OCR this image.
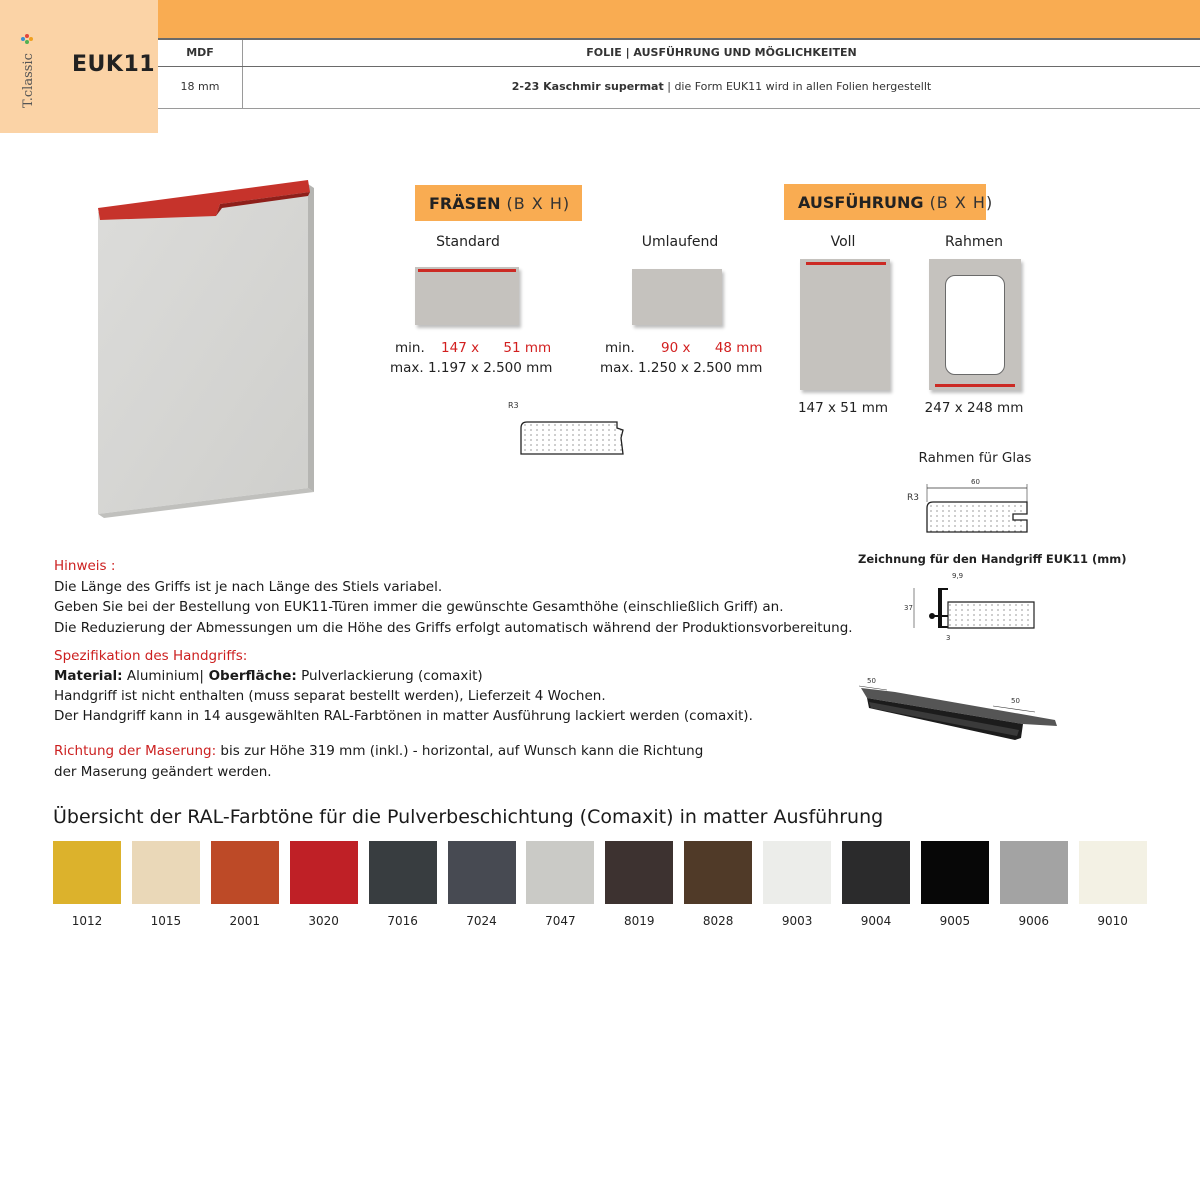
T.classic EUK11	MDF	FOLIE | AUSFÜHRUNG UND MÖGLICHKEITEN
18 mm	2-23 Kaschmir supermat | die Form EUK11 wird in allen Folien hergestellt
FRÄSEN (B X H)
Standard	Umlaufend
min. 147 x 51 mm
max. 1.197 x 2.500 mm
min. 90 x 48 mm
max. 1.250 x 2.500 mm
R3
AUSFÜHRUNG (B X H)
Voll	Rahmen
147 x 51 mm	247 x 248 mm
Rahmen für Glas
R3
60
Zeichnung für den Handgriff EUK11 (mm)
9,9
37
3
50
50
Hinweis :
Die Länge des Griffs ist je nach Länge des Stiels variabel.
Geben Sie bei der Bestellung von EUK11-Türen immer die gewünschte Gesamthöhe (einschließlich Griff) an.
Die Reduzierung der Abmessungen um die Höhe des Griffs erfolgt automatisch während der Produktionsvorbereitung.
Spezifikation des Handgriffs:
Material: Aluminium| Oberfläche: Pulverlackierung (comaxit)
Handgriff ist nicht enthalten (muss separat bestellt werden), Lieferzeit 4 Wochen.
Der Handgriff kann in 14 ausgewählten RAL-Farbtönen in matter Ausführung lackiert werden (comaxit).
Richtung der Maserung: bis zur Höhe 319 mm (inkl.) - horizontal, auf Wunsch kann die Richtung
der Maserung geändert werden.
Übersicht der RAL-Farbtöne für die Pulverbeschichtung (Comaxit) in matter Ausführung
1012	1015	2001	3020	7016	7024	7047	8019	8028	9003	9004	9005	9006	9010
